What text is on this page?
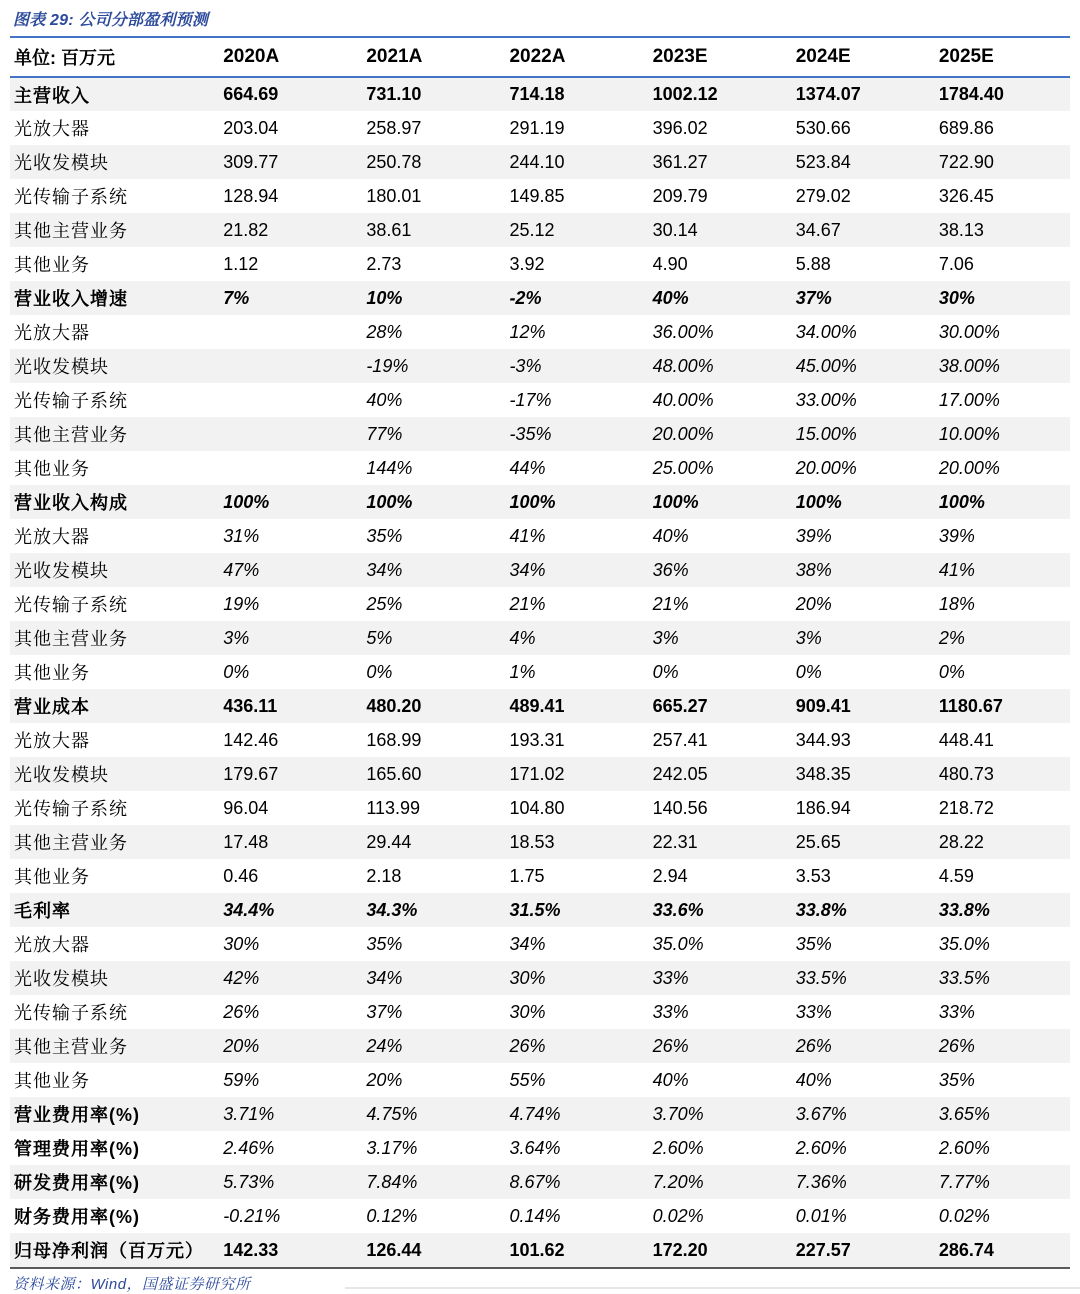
图表 29: 公司分部盈利预测
单位: 百万元	2020A	2021A	2022A	2023E	2024E	2025E
主营收入	664.69	731.10	714.18	1002.12	1374.07	1784.40
光放大器	203.04	258.97	291.19	396.02	530.66	689.86
光收发模块	309.77	250.78	244.10	361.27	523.84	722.90
光传输子系统	128.94	180.01	149.85	209.79	279.02	326.45
其他主营业务	21.82	38.61	25.12	30.14	34.67	38.13
其他业务	1.12	2.73	3.92	4.90	5.88	7.06
营业收入增速	7%	10%	-2%	40%	37%	30%
光放大器		28%	12%	36.00%	34.00%	30.00%
光收发模块		-19%	-3%	48.00%	45.00%	38.00%
光传输子系统		40%	-17%	40.00%	33.00%	17.00%
其他主营业务		77%	-35%	20.00%	15.00%	10.00%
其他业务		144%	44%	25.00%	20.00%	20.00%
营业收入构成	100%	100%	100%	100%	100%	100%
光放大器	31%	35%	41%	40%	39%	39%
光收发模块	47%	34%	34%	36%	38%	41%
光传输子系统	19%	25%	21%	21%	20%	18%
其他主营业务	3%	5%	4%	3%	3%	2%
其他业务	0%	0%	1%	0%	0%	0%
营业成本	436.11	480.20	489.41	665.27	909.41	1180.67
光放大器	142.46	168.99	193.31	257.41	344.93	448.41
光收发模块	179.67	165.60	171.02	242.05	348.35	480.73
光传输子系统	96.04	113.99	104.80	140.56	186.94	218.72
其他主营业务	17.48	29.44	18.53	22.31	25.65	28.22
其他业务	0.46	2.18	1.75	2.94	3.53	4.59
毛利率	34.4%	34.3%	31.5%	33.6%	33.8%	33.8%
光放大器	30%	35%	34%	35.0%	35%	35.0%
光收发模块	42%	34%	30%	33%	33.5%	33.5%
光传输子系统	26%	37%	30%	33%	33%	33%
其他主营业务	20%	24%	26%	26%	26%	26%
其他业务	59%	20%	55%	40%	40%	35%
营业费用率(%)	3.71%	4.75%	4.74%	3.70%	3.67%	3.65%
管理费用率(%)	2.46%	3.17%	3.64%	2.60%	2.60%	2.60%
研发费用率(%)	5.73%	7.84%	8.67%	7.20%	7.36%	7.77%
财务费用率(%)	-0.21%	0.12%	0.14%	0.02%	0.01%	0.02%
归母净利润（百万元）	142.33	126.44	101.62	172.20	227.57	286.74
资料来源：Wind，国盛证券研究所
